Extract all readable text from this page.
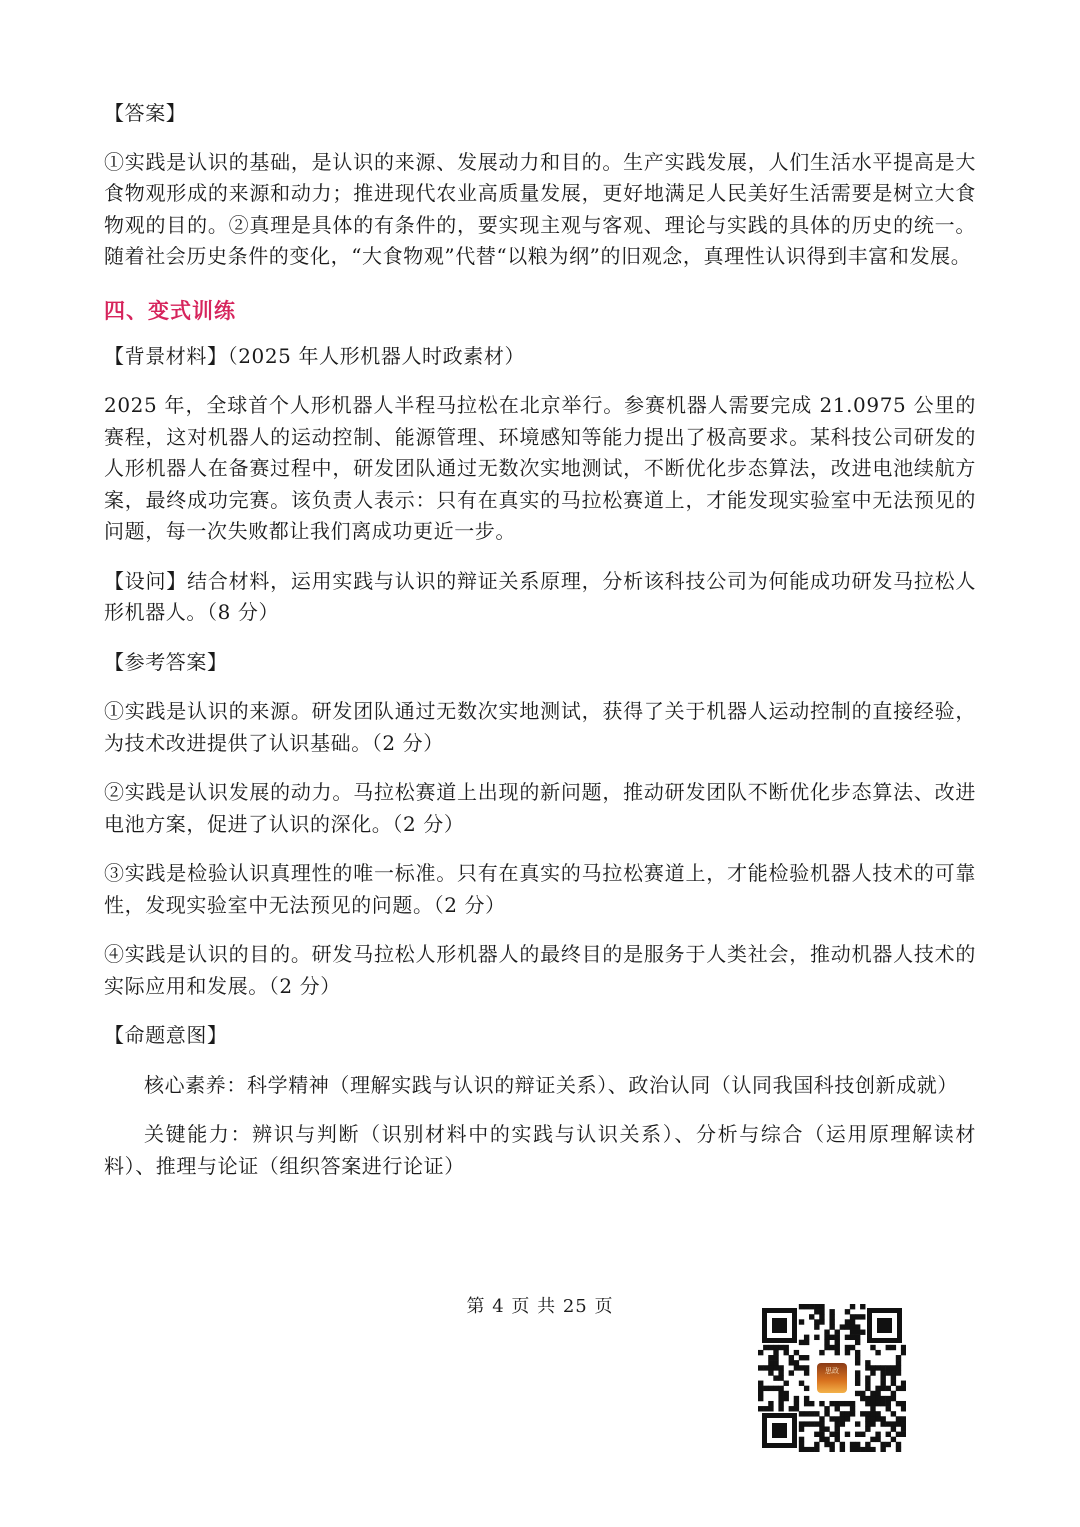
【答案】

①实践是认识的基础，是认识的来源、发展动力和目的。生产实践发展，人们生活水平提高是大食物观形成的来源和动力；推进现代农业高质量发展，更好地满足人民美好生活需要是树立大食物观的目的。②真理是具体的有条件的，要实现主观与客观、理论与实践的具体的历史的统一。随着社会历史条件的变化，“大食物观”代替“以粮为纲”的旧观念，真理性认识得到丰富和发展。

四、变式训练

【背景材料】（2025 年人形机器人时政素材）

2025 年，全球首个人形机器人半程马拉松在北京举行。参赛机器人需要完成 21.0975 公里的赛程，这对机器人的运动控制、能源管理、环境感知等能力提出了极高要求。某科技公司研发的人形机器人在备赛过程中，研发团队通过无数次实地测试，不断优化步态算法，改进电池续航方案，最终成功完赛。该负责人表示：只有在真实的马拉松赛道上，才能发现实验室中无法预见的问题，每一次失败都让我们离成功更近一步。

【设问】结合材料，运用实践与认识的辩证关系原理，分析该科技公司为何能成功研发马拉松人形机器人。（8 分）

【参考答案】

①实践是认识的来源。研发团队通过无数次实地测试，获得了关于机器人运动控制的直接经验，为技术改进提供了认识基础。（2 分）

②实践是认识发展的动力。马拉松赛道上出现的新问题，推动研发团队不断优化步态算法、改进电池方案，促进了认识的深化。（2 分）

③实践是检验认识真理性的唯一标准。只有在真实的马拉松赛道上，才能检验机器人技术的可靠性，发现实验室中无法预见的问题。（2 分）

④实践是认识的目的。研发马拉松人形机器人的最终目的是服务于人类社会，推动机器人技术的实际应用和发展。（2 分）

【命题意图】

核心素养：科学精神（理解实践与认识的辩证关系）、政治认同（认同我国科技创新成就）

关键能力：辨识与判断（识别材料中的实践与认识关系）、分析与综合（运用原理解读材料）、推理与论证（组织答案进行论证）

第 4 页 共 25 页
思政
